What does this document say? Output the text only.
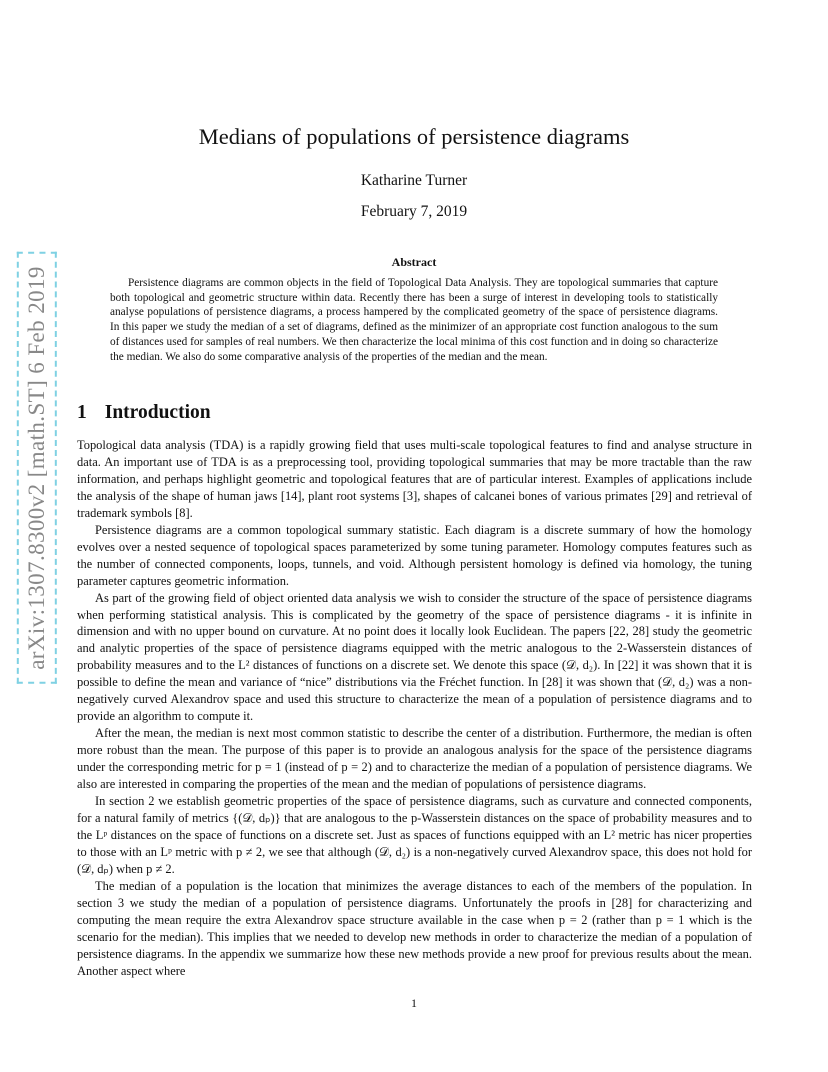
arXiv:1307.8300v2 [math.ST] 6 Feb 2019
Medians of populations of persistence diagrams
Katharine Turner
February 7, 2019
Abstract
Persistence diagrams are common objects in the field of Topological Data Analysis. They are topological summaries that capture both topological and geometric structure within data. Recently there has been a surge of interest in developing tools to statistically analyse populations of persistence diagrams, a process hampered by the complicated geometry of the space of persistence diagrams. In this paper we study the median of a set of diagrams, defined as the minimizer of an appropriate cost function analogous to the sum of distances used for samples of real numbers. We then characterize the local minima of this cost function and in doing so characterize the median. We also do some comparative analysis of the properties of the median and the mean.
1 Introduction

Topological data analysis (TDA) is a rapidly growing field that uses multi-scale topological features to find and analyse structure in data. An important use of TDA is as a preprocessing tool, providing topological summaries that may be more tractable than the raw information, and perhaps highlight geometric and topological features that are of particular interest. Examples of applications include the analysis of the shape of human jaws [14], plant root systems [3], shapes of calcanei bones of various primates [29] and retrieval of trademark symbols [8].

Persistence diagrams are a common topological summary statistic. Each diagram is a discrete summary of how the homology evolves over a nested sequence of topological spaces parameterized by some tuning parameter. Homology computes features such as the number of connected components, loops, tunnels, and void. Although persistent homology is defined via homology, the tuning parameter captures geometric information.

As part of the growing field of object oriented data analysis we wish to consider the structure of the space of persistence diagrams when performing statistical analysis. This is complicated by the geometry of the space of persistence diagrams - it is infinite in dimension and with no upper bound on curvature. At no point does it locally look Euclidean. The papers [22, 28] study the geometric and analytic properties of the space of persistence diagrams equipped with the metric analogous to the 2-Wasserstein distances of probability measures and to the L² distances of functions on a discrete set. We denote this space (𝒟, d₂). In [22] it was shown that it is possible to define the mean and variance of “nice” distributions via the Fréchet function. In [28] it was shown that (𝒟, d₂) was a non-negatively curved Alexandrov space and used this structure to characterize the mean of a population of persistence diagrams and to provide an algorithm to compute it.

After the mean, the median is next most common statistic to describe the center of a distribution. Furthermore, the median is often more robust than the mean. The purpose of this paper is to provide an analogous analysis for the space of the persistence diagrams under the corresponding metric for p = 1 (instead of p = 2) and to characterize the median of a population of persistence diagrams. We also are interested in comparing the properties of the mean and the median of populations of persistence diagrams.

In section 2 we establish geometric properties of the space of persistence diagrams, such as curvature and connected components, for a natural family of metrics {(𝒟, dₚ)} that are analogous to the p-Wasserstein distances on the space of probability measures and to the Lᵖ distances on the space of functions on a discrete set. Just as spaces of functions equipped with an L² metric has nicer properties to those with an Lᵖ metric with p ≠ 2, we see that although (𝒟, d₂) is a non-negatively curved Alexandrov space, this does not hold for (𝒟, dₚ) when p ≠ 2.

The median of a population is the location that minimizes the average distances to each of the members of the population. In section 3 we study the median of a population of persistence diagrams. Unfortunately the proofs in [28] for characterizing and computing the mean require the extra Alexandrov space structure available in the case when p = 2 (rather than p = 1 which is the scenario for the median). This implies that we needed to develop new methods in order to characterize the median of a population of persistence diagrams. In the appendix we summarize how these new methods provide a new proof for previous results about the mean. Another aspect where

1
